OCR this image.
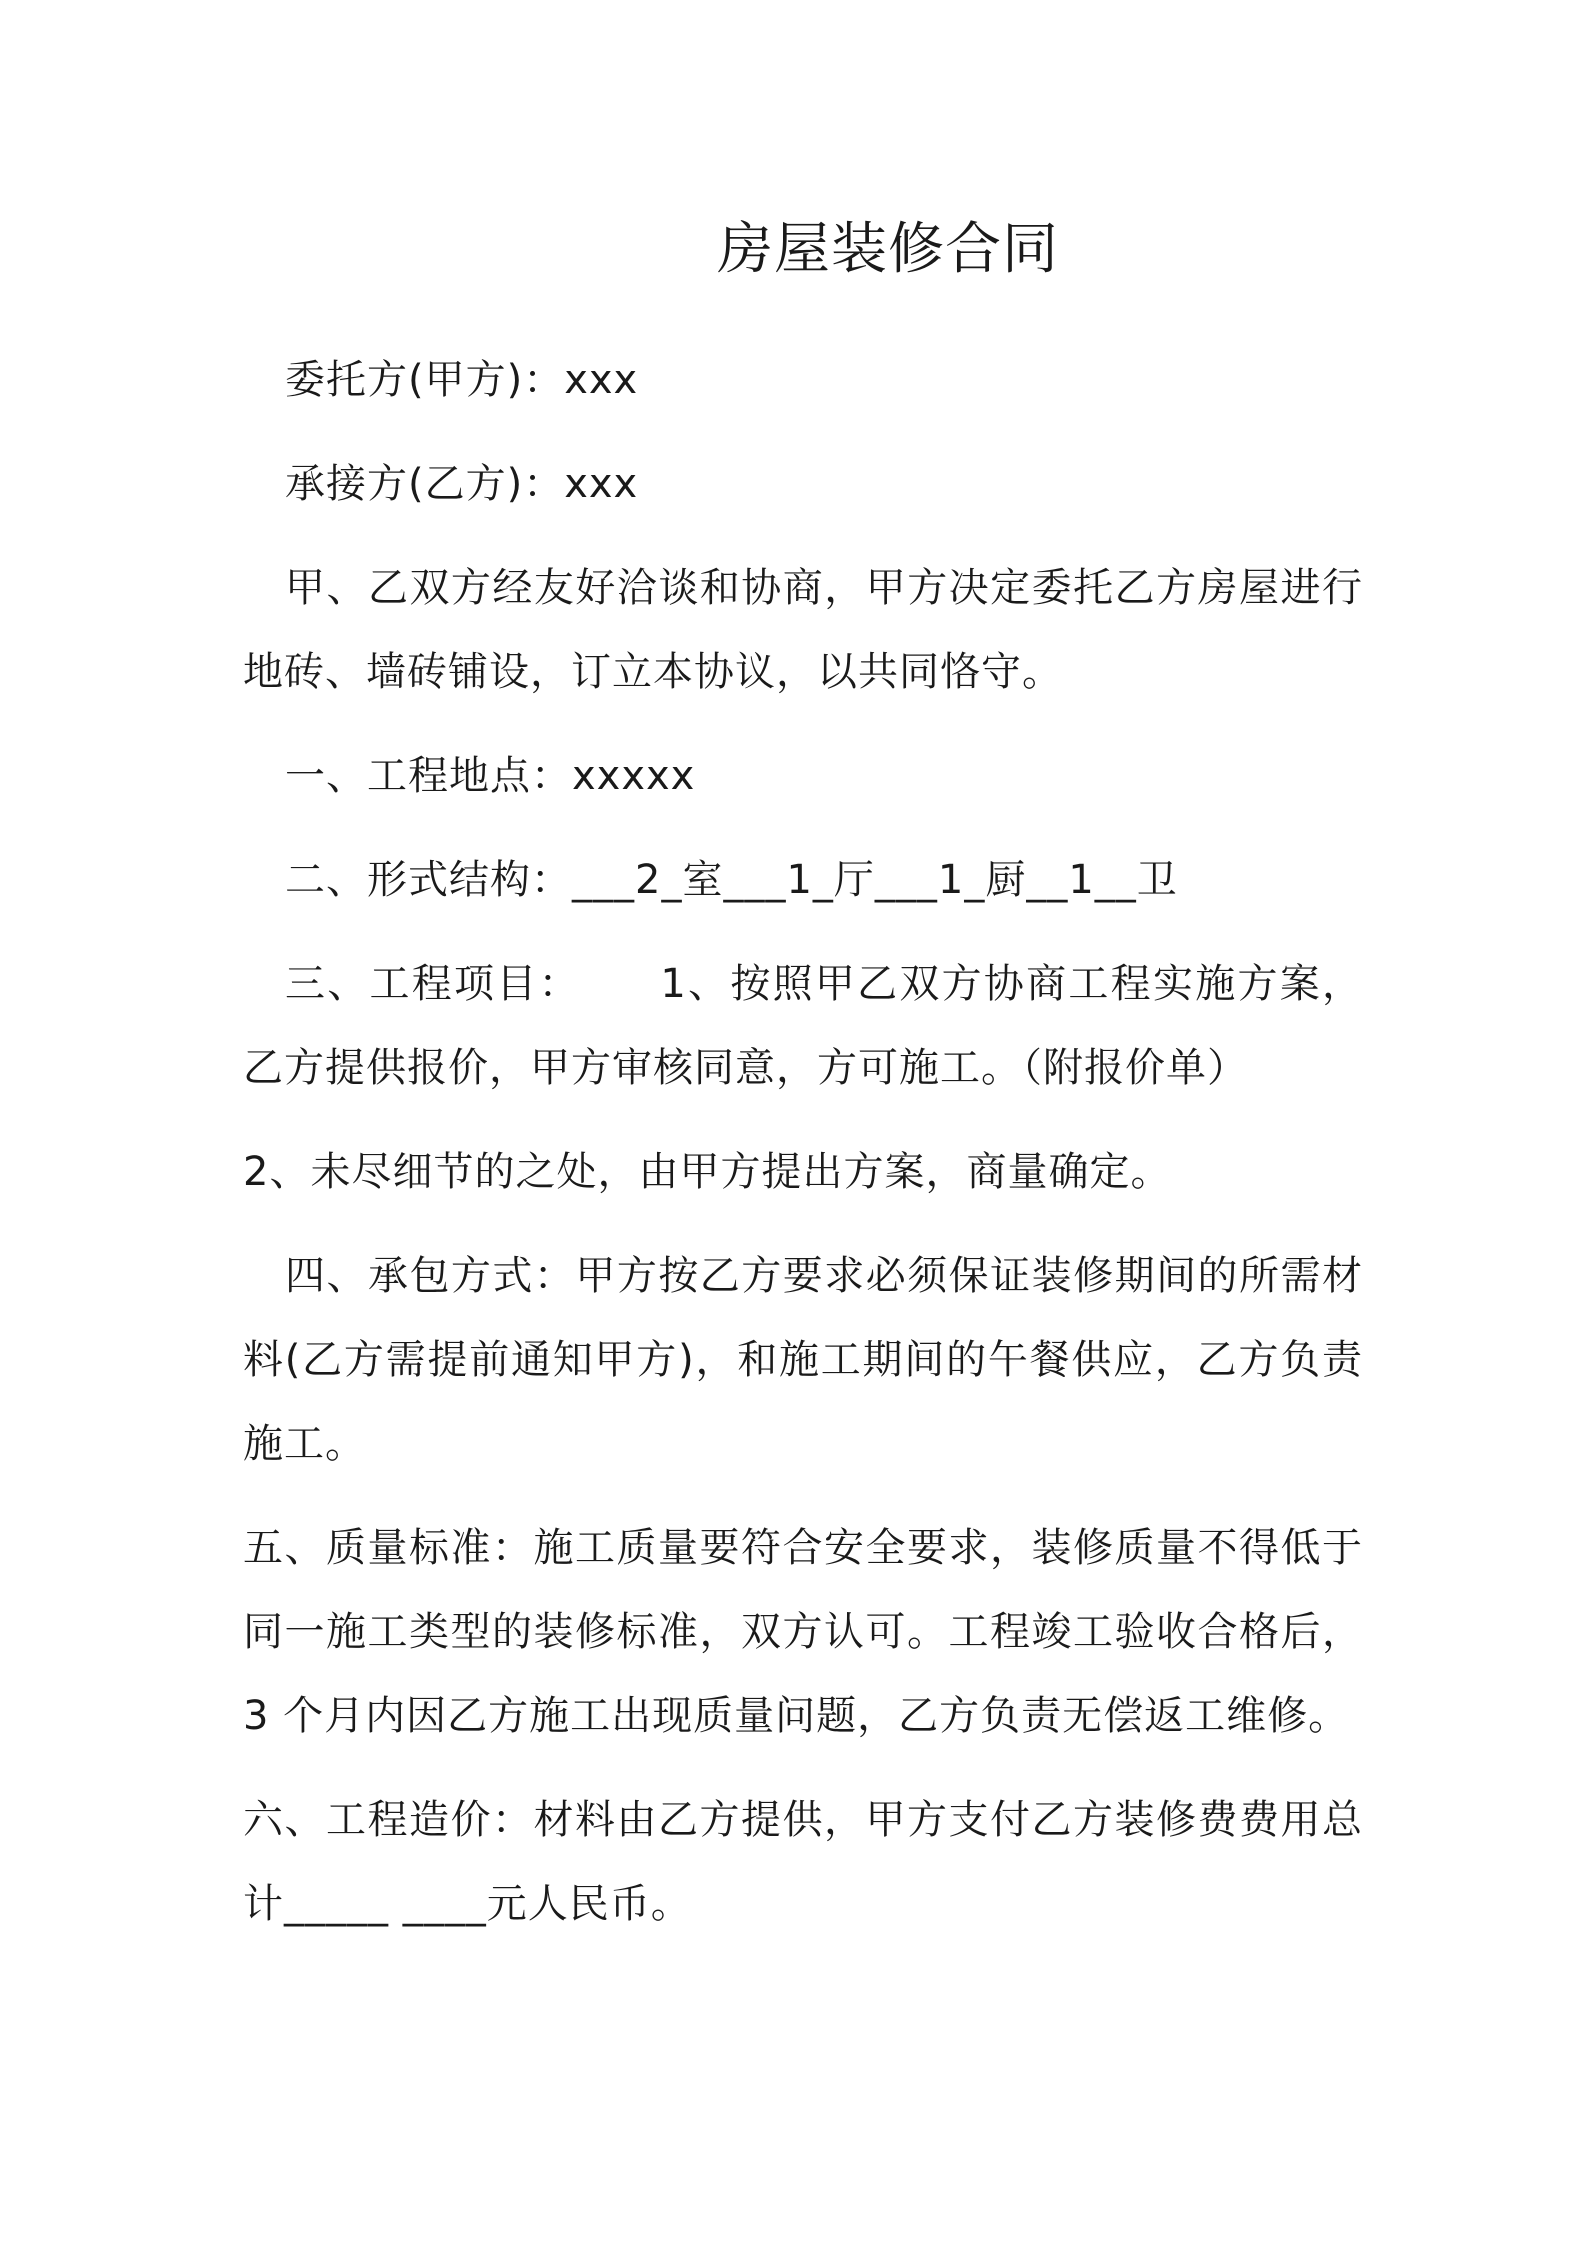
房屋装修合同

委托方(甲方)：xxx

承接方(乙方)：xxx

甲、乙双方经友好洽谈和协商，甲方决定委托乙方房屋进行地砖、墙砖铺设，订立本协议，以共同恪守。

一、工程地点：xxxxx

二、形式结构：___2_室___1_厅___1_厨__1__卫

三、工程项目：　　 1、按照甲乙双方协商工程实施方案，乙方提供报价，甲方审核同意，方可施工。（附报价单）

2、未尽细节的之处，由甲方提出方案，商量确定。

四、承包方式：甲方按乙方要求必须保证装修期间的所需材料(乙方需提前通知甲方)，和施工期间的午餐供应，乙方负责施工。

五、质量标准：施工质量要符合安全要求，装修质量不得低于同一施工类型的装修标准，双方认可。工程竣工验收合格后，3 个月内因乙方施工出现质量问题，乙方负责无偿返工维修。

六、工程造价：材料由乙方提供，甲方支付乙方装修费费用总计_____ ____元人民币。
